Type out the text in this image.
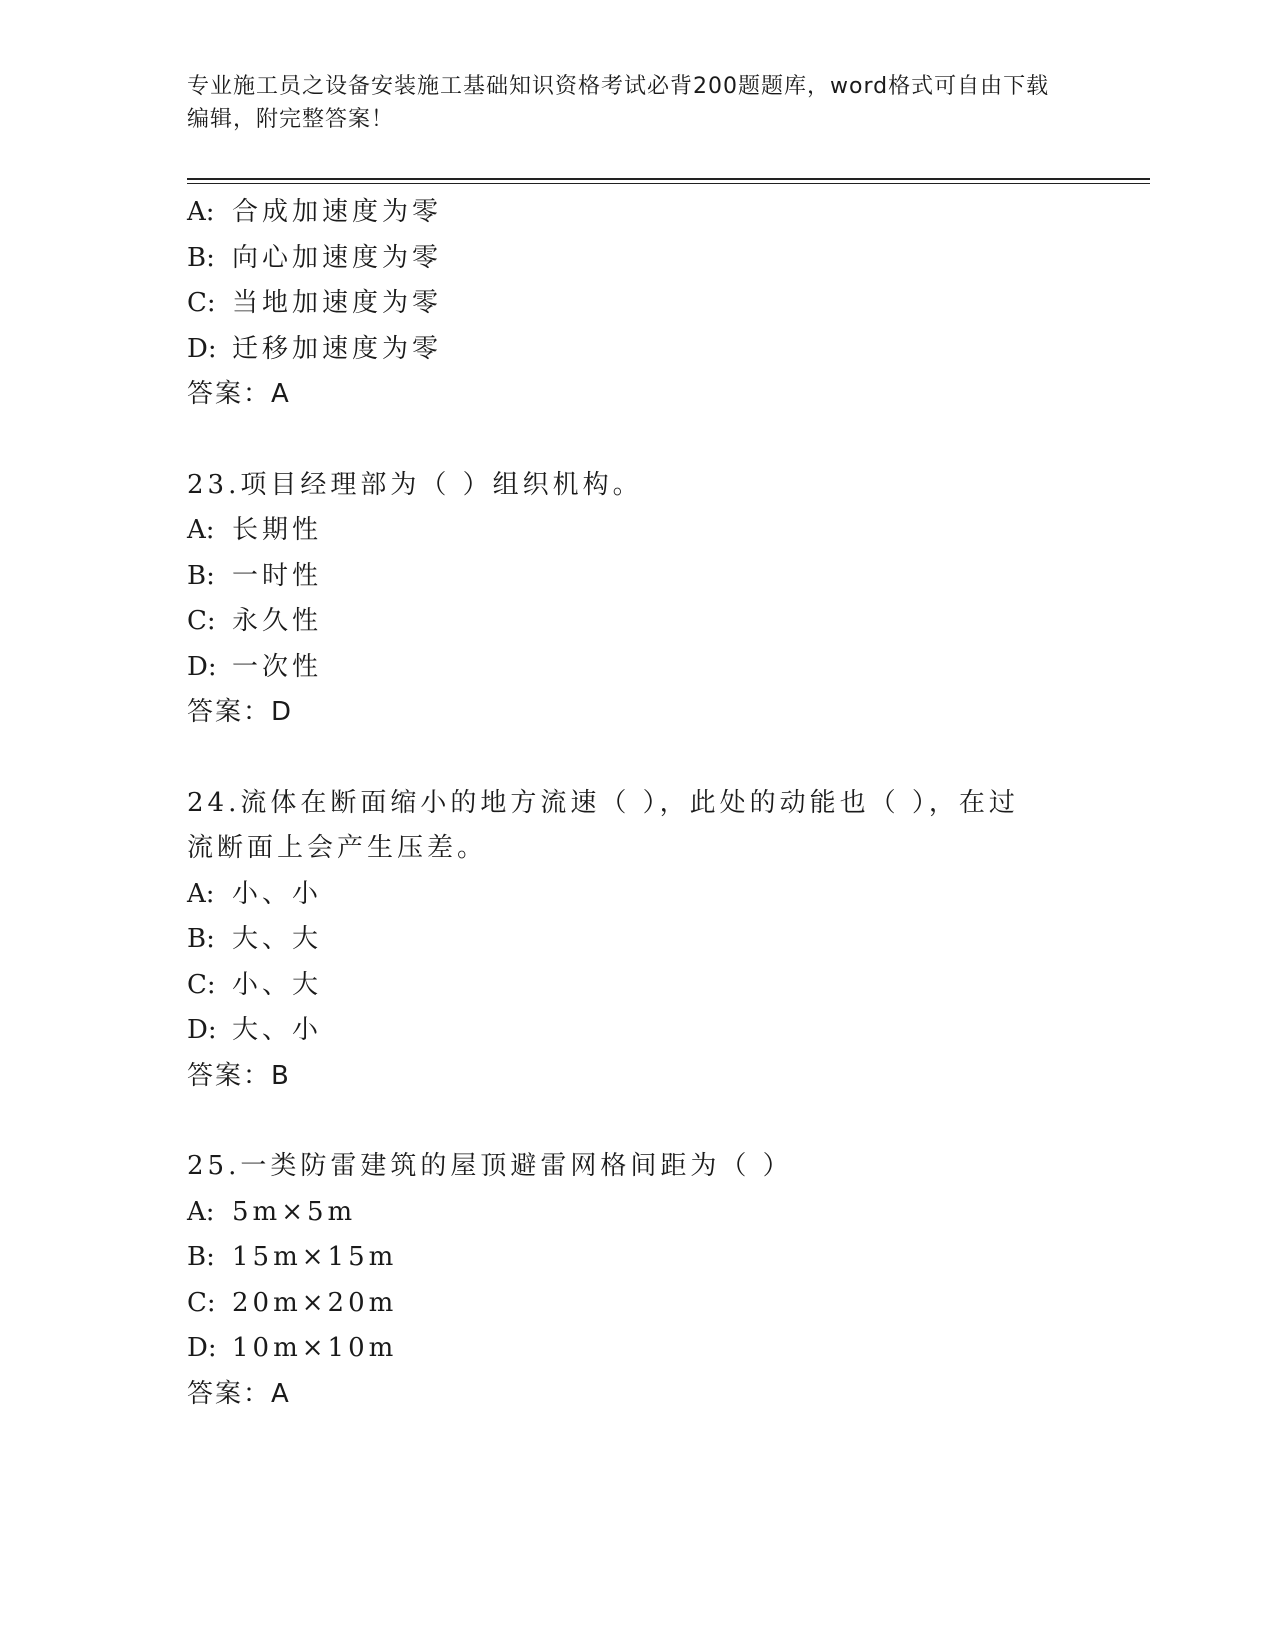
专业施工员之设备安装施工基础知识资格考试必背200题题库，word格式可自由下载编辑，附完整答案！
A: 合成加速度为零
B: 向心加速度为零
C: 当地加速度为零
D: 迁移加速度为零
答案：A
23.项目经理部为（ ）组织机构。
A: 长期性
B: 一时性
C: 永久性
D: 一次性
答案：D
24.流体在断面缩小的地方流速（ ），此处的动能也（ ），在过流断面上会产生压差。
A: 小、小
B: 大、大
C: 小、大
D: 大、小
答案：B
25.一类防雷建筑的屋顶避雷网格间距为（ ）
A: 5m×5m
B: 15m×15m
C: 20m×20m
D: 10m×10m
答案：A
